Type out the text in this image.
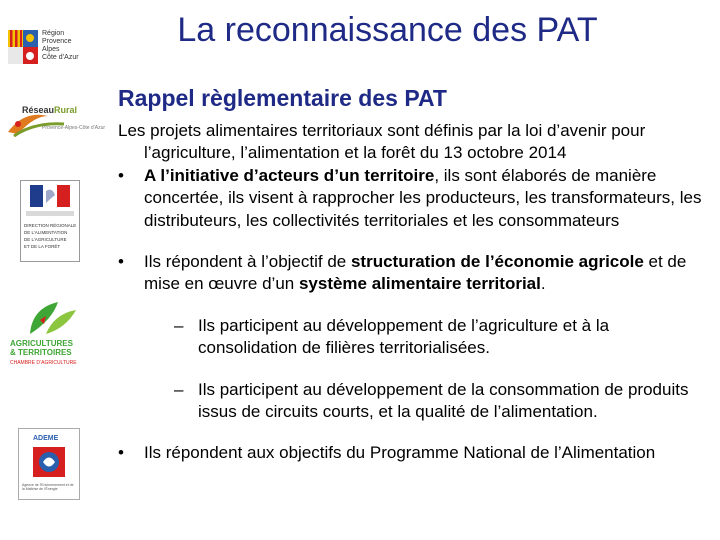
Région
Provence
Alpes
Côte d’Azur
Réseau Rural
Provence-Alpes-Côte d’Azur
DIRECTION RÉGIONALE
DE L’ALIMENTATION
DE L’AGRICULTURE
ET DE LA FORÊT
AGRICULTURES
& TERRITOIRES
CHAMBRE D’AGRICULTURE
ADEME
Agence de l’Environnement et de la Maîtrise de l’Énergie
La reconnaissance des PAT
Rappel règlementaire des PAT

Les projets alimentaires territoriaux sont définis par la loi d’avenir pour l’agriculture, l’alimentation et la forêt du 13 octobre 2014

• A l’initiative d’acteurs d’un territoire, ils sont élaborés de manière concertée, ils visent à rapprocher les producteurs, les transformateurs, les distributeurs, les collectivités territoriales et les consommateurs

• Ils répondent à l’objectif de structuration de l’économie agricole et de mise en œuvre d’un système alimentaire territorial.

– Ils participent au développement de l’agriculture et à la consolidation de filières territorialisées.

– Ils participent au développement de la consommation de produits issus de circuits courts, et la qualité de l’alimentation.

• Ils répondent aux objectifs du Programme National de l’Alimentation
